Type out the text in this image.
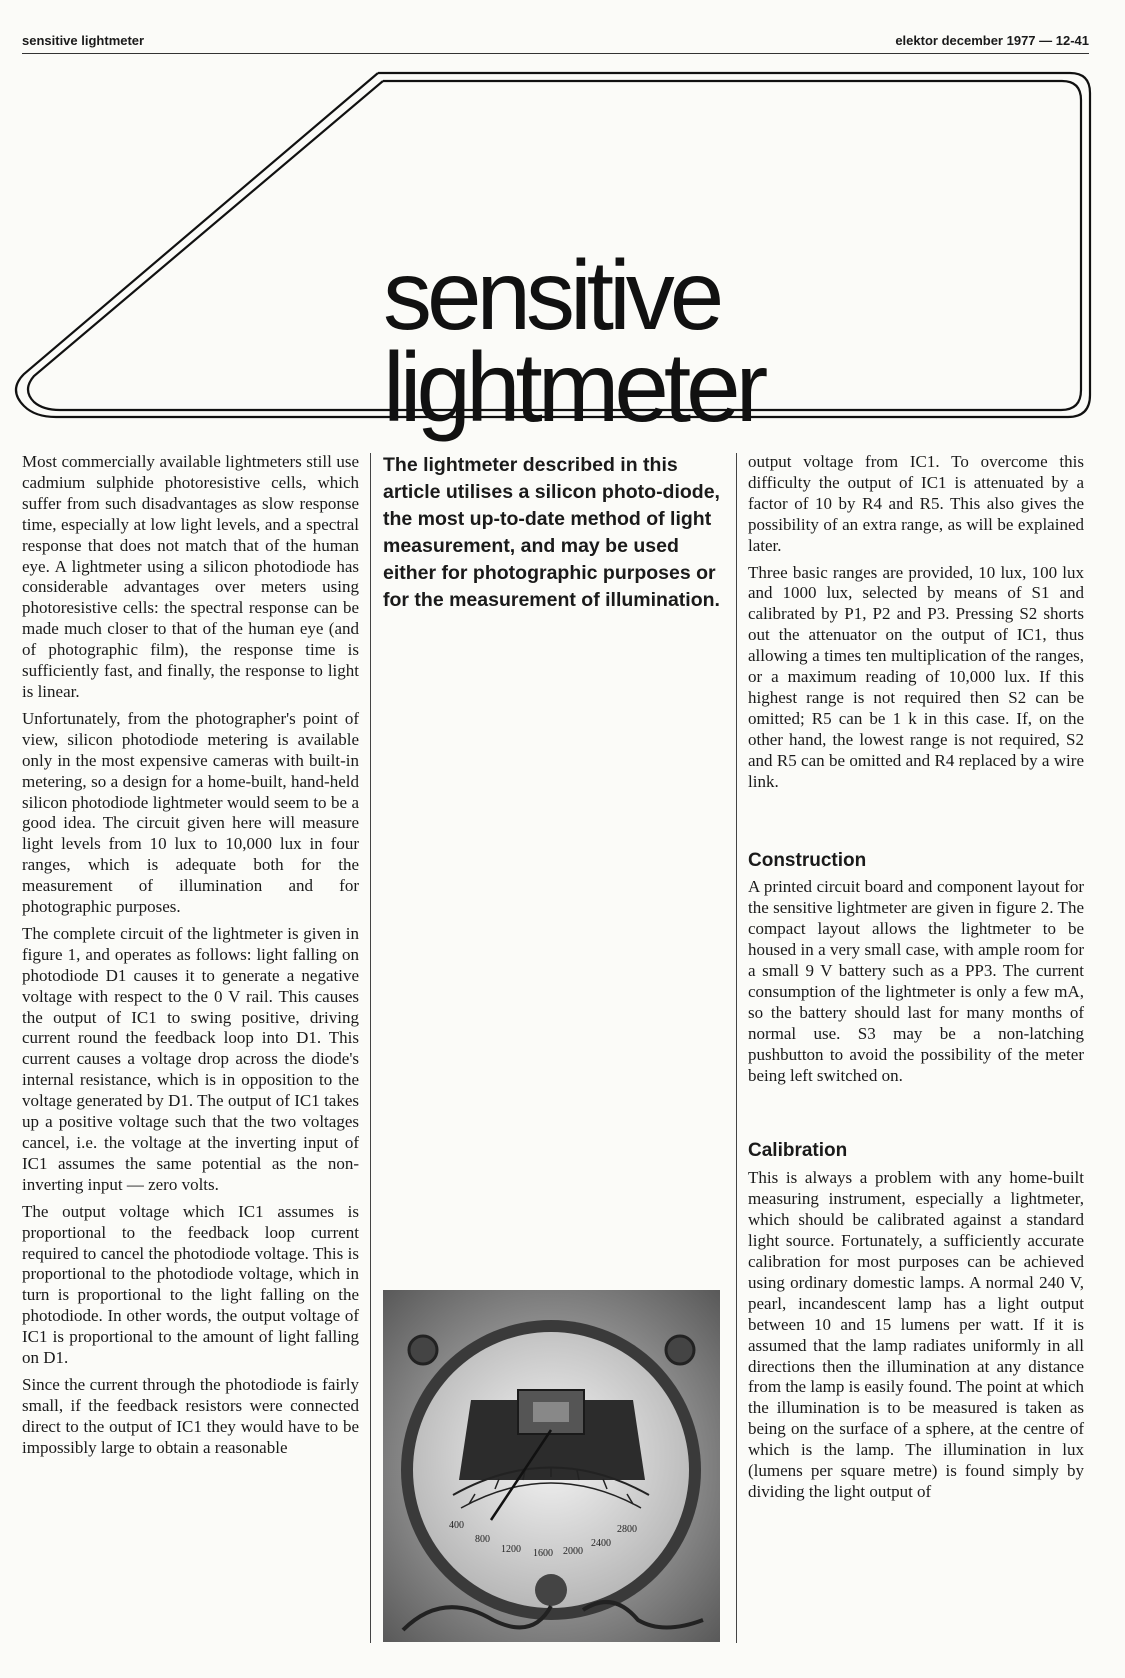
sensitive lightmeter	elektor december 1977 — 12-41
sensitive
lightmeter

Most commercially available lightmeters still use cadmium sulphide photoresistive cells, which suffer from such disadvantages as slow response time, especially at low light levels, and a spectral response that does not match that of the human eye. A lightmeter using a silicon photodiode has considerable advantages over meters using photoresistive cells: the spectral response can be made much closer to that of the human eye (and of photographic film), the response time is sufficiently fast, and finally, the response to light is linear.

Unfortunately, from the photographer's point of view, silicon photodiode metering is available only in the most expensive cameras with built-in metering, so a design for a home-built, hand-held silicon photodiode lightmeter would seem to be a good idea. The circuit given here will measure light levels from 10 lux to 10,000 lux in four ranges, which is adequate both for the measurement of illumination and for photographic purposes.

The complete circuit of the lightmeter is given in figure 1, and operates as follows: light falling on photodiode D1 causes it to generate a negative voltage with respect to the 0 V rail. This causes the output of IC1 to swing positive, driving current round the feedback loop into D1. This current causes a voltage drop across the diode's internal resistance, which is in opposition to the voltage generated by D1. The output of IC1 takes up a positive voltage such that the two voltages cancel, i.e. the voltage at the inverting input of IC1 assumes the same potential as the non-inverting input — zero volts.

The output voltage which IC1 assumes is proportional to the feedback loop current required to cancel the photodiode voltage. This is proportional to the photodiode voltage, which in turn is proportional to the light falling on the photodiode. In other words, the output voltage of IC1 is proportional to the amount of light falling on D1.

Since the current through the photodiode is fairly small, if the feedback resistors were connected direct to the output of IC1 they would have to be impossibly large to obtain a reasonable

The lightmeter described in this article utilises a silicon photo-diode, the most up-to-date method of light measurement, and may be used either for photographic purposes or for the measurement of illumination.

output voltage from IC1. To overcome this difficulty the output of IC1 is attenuated by a factor of 10 by R4 and R5. This also gives the possibility of an extra range, as will be explained later.

Three basic ranges are provided, 10 lux, 100 lux and 1000 lux, selected by means of S1 and calibrated by P1, P2 and P3. Pressing S2 shorts out the attenuator on the output of IC1, thus allowing a times ten multiplication of the ranges, or a maximum reading of 10,000 lux. If this highest range is not required then S2 can be omitted; R5 can be 1 k in this case. If, on the other hand, the lowest range is not required, S2 and R5 can be omitted and R4 replaced by a wire link.

Construction

A printed circuit board and component layout for the sensitive lightmeter are given in figure 2. The compact layout allows the lightmeter to be housed in a very small case, with ample room for a small 9 V battery such as a PP3. The current consumption of the lightmeter is only a few mA, so the battery should last for many months of normal use. S3 may be a non-latching pushbutton to avoid the possibility of the meter being left switched on.

Calibration

This is always a problem with any home-built measuring instrument, especially a lightmeter, which should be calibrated against a standard light source. Fortunately, a sufficiently accurate calibration for most purposes can be achieved using ordinary domestic lamps. A normal 240 V, pearl, incandescent lamp has a light output between 10 and 15 lumens per watt. If it is assumed that the lamp radiates uniformly in all directions then the illumination at any distance from the lamp is easily found. The point at which the illumination is to be measured is taken as being on the surface of a sphere, at the centre of which is the lamp. The illumination in lux (lumens per square metre) is found simply by dividing the light output of

400
800
1200 1600 2000
2400
2800
